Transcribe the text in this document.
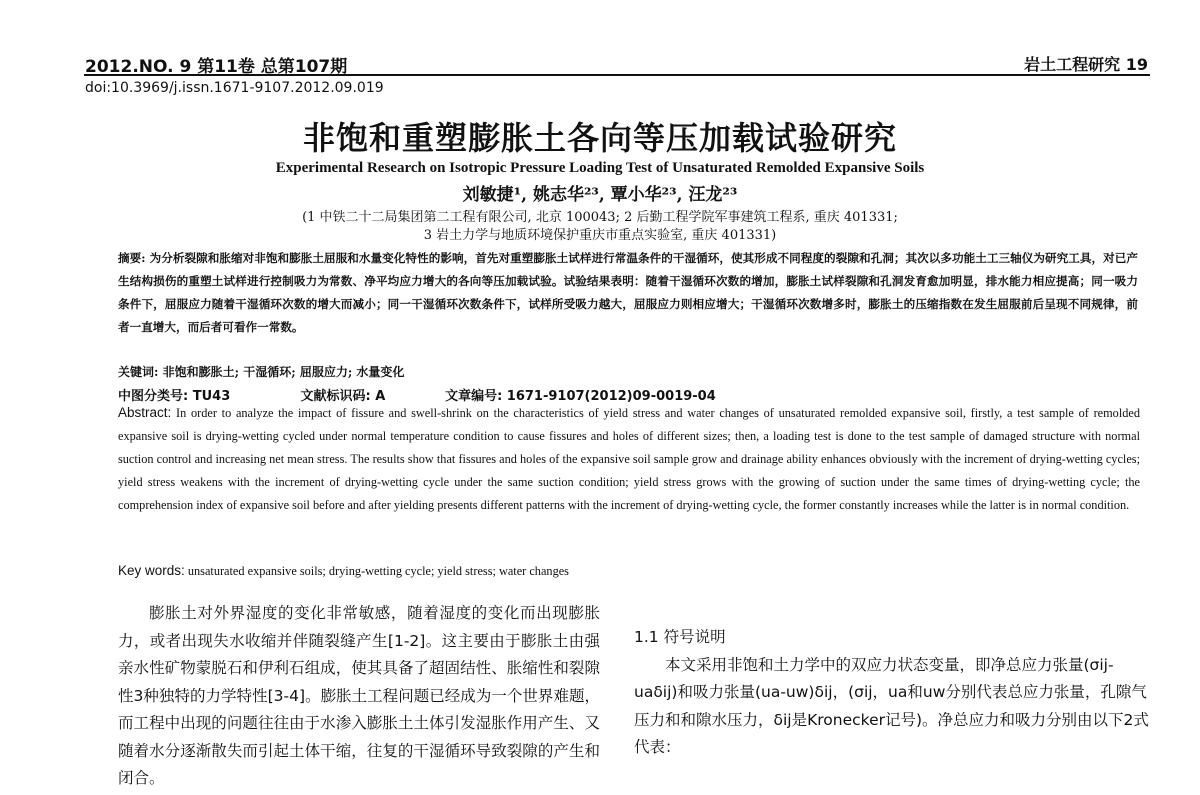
2012.NO. 9 第11卷 总第107期	岩土工程研究 19
doi:10.3969/j.issn.1671-9107.2012.09.019
非饱和重塑膨胀土各向等压加载试验研究
Experimental Research on Isotropic Pressure Loading Test of Unsaturated Remolded Expansive Soils
刘敏捷¹, 姚志华²³, 覃小华²³, 汪龙²³
(1 中铁二十二局集团第二工程有限公司, 北京 100043; 2 后勤工程学院军事建筑工程系, 重庆 401331;
3 岩土力学与地质环境保护重庆市重点实验室, 重庆 401331)
摘要: 为分析裂隙和胀缩对非饱和膨胀土屈服和水量变化特性的影响，首先对重塑膨胀土试样进行常温条件的干湿循环，使其形成不同程度的裂隙和孔洞；其次以多功能土工三轴仪为研究工具，对已产生结构损伤的重塑土试样进行控制吸力为常数、净平均应力增大的各向等压加载试验。试验结果表明：随着干湿循环次数的增加，膨胀土试样裂隙和孔洞发育愈加明显，排水能力相应提高；同一吸力条件下，屈服应力随着干湿循环次数的增大而减小；同一干湿循环次数条件下，试样所受吸力越大，屈服应力则相应增大；干湿循环次数增多时，膨胀土的压缩指数在发生屈服前后呈现不同规律，前者一直增大，而后者可看作一常数。
关键词: 非饱和膨胀土; 干湿循环; 屈服应力; 水量变化
中图分类号: TU43	文献标识码: A	文章编号: 1671-9107(2012)09-0019-04
Abstract: In order to analyze the impact of fissure and swell-shrink on the characteristics of yield stress and water changes of unsaturated remolded expansive soil, firstly, a test sample of remolded expansive soil is drying-wetting cycled under normal temperature condition to cause fissures and holes of different sizes; then, a loading test is done to the test sample of damaged structure with normal suction control and increasing net mean stress. The results show that fissures and holes of the expansive soil sample grow and drainage ability enhances obviously with the increment of drying-wetting cycles; yield stress weakens with the increment of drying-wetting cycle under the same suction condition; yield stress grows with the growing of suction under the same times of drying-wetting cycle; the comprehension index of expansive soil before and after yielding presents different patterns with the increment of drying-wetting cycle, the former constantly increases while the latter is in normal condition.
Key words: unsaturated expansive soils; drying-wetting cycle; yield stress; water changes
膨胀土对外界湿度的变化非常敏感，随着湿度的变化而出现膨胀力，或者出现失水收缩并伴随裂缝产生[1-2]。这主要由于膨胀土由强亲水性矿物蒙脱石和伊利石组成，使其具备了超固结性、胀缩性和裂隙性3种独特的力学特性[3-4]。膨胀土工程问题已经成为一个世界难题，而工程中出现的问题往往由于水渗入膨胀土土体引发湿胀作用产生、又随着水分逐渐散失而引起土体干缩，往复的干湿循环导致裂隙的产生和闭合。

1.1 符号说明

本文采用非饱和土力学中的双应力状态变量，即净总应力张量(σij-uaδij)和吸力张量(ua-uw)δij，(σij，ua和uw分别代表总应力张量，孔隙气压力和和隙水压力，δij是Kronecker记号)。净总应力和吸力分别由以下2式代表：
